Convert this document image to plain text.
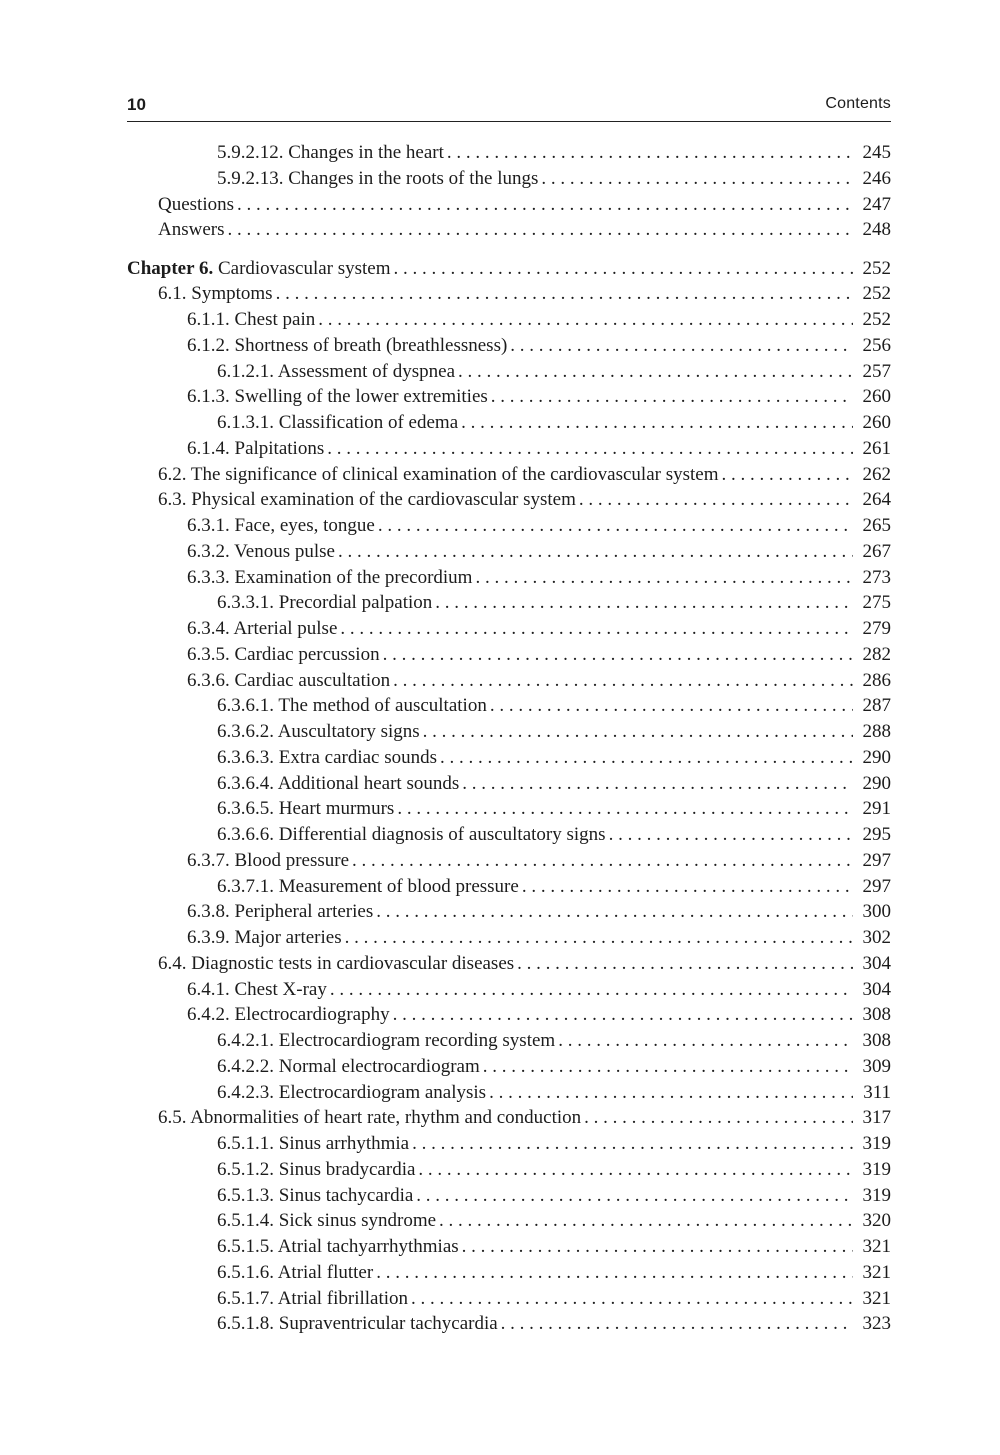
10	Contents
5.9.2.12. Changes in the heart . . .	245
5.9.2.13. Changes in the roots of the lungs . . .	246
Questions . . .	247
Answers . . .	248
Chapter 6. Cardiovascular system . . .	252
6.1. Symptoms . . .	252
6.1.1. Chest pain . . .	252
6.1.2. Shortness of breath (breathlessness) . . .	256
6.1.2.1. Assessment of dyspnea . . .	257
6.1.3. Swelling of the lower extremities . . .	260
6.1.3.1. Classification of edema . . .	260
6.1.4. Palpitations . . .	261
6.2. The significance of clinical examination of the cardiovascular system . . .	262
6.3. Physical examination of the cardiovascular system . . .	264
6.3.1. Face, eyes, tongue . . .	265
6.3.2. Venous pulse . . .	267
6.3.3. Examination of the precordium . . .	273
6.3.3.1. Precordial palpation . . .	275
6.3.4. Arterial pulse . . .	279
6.3.5. Cardiac percussion . . .	282
6.3.6. Cardiac auscultation . . .	286
6.3.6.1. The method of auscultation . . .	287
6.3.6.2. Auscultatory signs . . .	288
6.3.6.3. Extra cardiac sounds . . .	290
6.3.6.4. Additional heart sounds . . .	290
6.3.6.5. Heart murmurs . . .	291
6.3.6.6. Differential diagnosis of auscultatory signs . . .	295
6.3.7. Blood pressure . . .	297
6.3.7.1. Measurement of blood pressure . . .	297
6.3.8. Peripheral arteries . . .	300
6.3.9. Major arteries . . .	302
6.4. Diagnostic tests in cardiovascular diseases . . .	304
6.4.1. Chest X-ray . . .	304
6.4.2. Electrocardiography . . .	308
6.4.2.1. Electrocardiogram recording system . . .	308
6.4.2.2. Normal electrocardiogram . . .	309
6.4.2.3. Electrocardiogram analysis . . .	311
6.5. Abnormalities of heart rate, rhythm and conduction . . .	317
6.5.1.1. Sinus arrhythmia . . .	319
6.5.1.2. Sinus bradycardia . . .	319
6.5.1.3. Sinus tachycardia . . .	319
6.5.1.4. Sick sinus syndrome . . .	320
6.5.1.5. Atrial tachyarrhythmias . . .	321
6.5.1.6. Atrial flutter . . .	321
6.5.1.7. Atrial fibrillation . . .	321
6.5.1.8. Supraventricular tachycardia . . .	323
